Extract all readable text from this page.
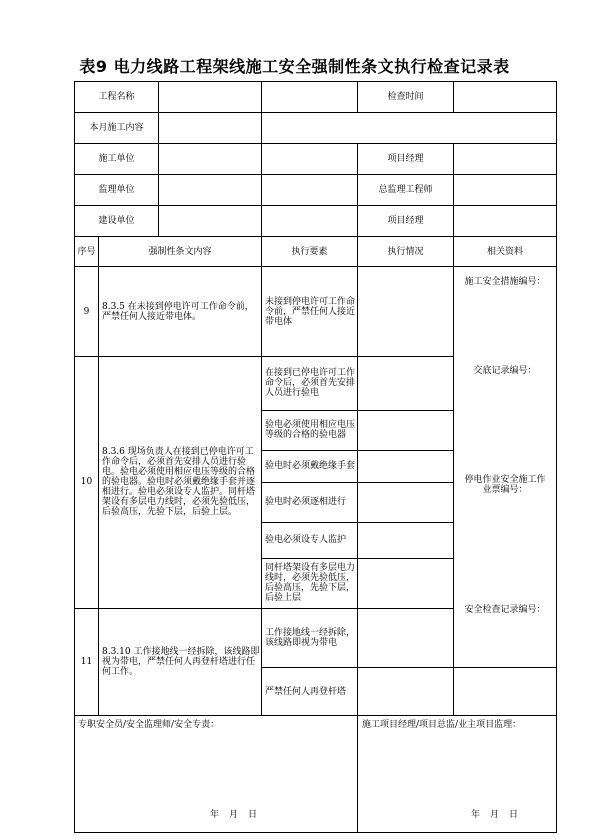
表9 电力线路工程架线施工安全强制性条文执行检查记录表
工程名称			检查时间	

本月施工内容				

施工单位			项目经理	

监理单位			总监理工程师	

建设单位			项目经理	
序号	强制性条文内容	执行要素	执行情况	相关资料
9	8.3.5 在未接到停电许可工作命令前，严禁任何人接近带电体。	未接到停电许可工作命令前，严禁任何人接近带电体		施工安全措施编号：
交底记录编号：
停电作业安全施工作
业票编号：
安全检查记录编号：

10	8.3.6 现场负责人在接到已停电许可工作命令后，必须首先安排人员进行验电。验电必须使用相应电压等级的合格的验电器。验电时必须戴绝缘手套并逐相进行。验电必须设专人监护。同杆塔架设有多层电力线时，必须先验低压，后验高压，先验下层，后验上层。	在接到已停电许可工作命令后，必须首先安排人员进行验电		
		验电必须使用相应电压等级的合格的验电器		
		验电时必须戴绝缘手套		
		验电时必须逐相进行		
		验电必须设专人监护		
		同杆塔架设有多层电力线时，必须先验低压，后验高压，先验下层，后验上层		
11	8.3.10 工作接地线一经拆除，该线路即视为带电，严禁任何人再登杆塔进行任何工作。	工作接地线一经拆除，该线路即视为带电		
		严禁任何人再登杆塔		

专职安全员/安全监理师/安全专责：
年月日			施工项目经理/项目总监/业主项目监理：
年月日	
